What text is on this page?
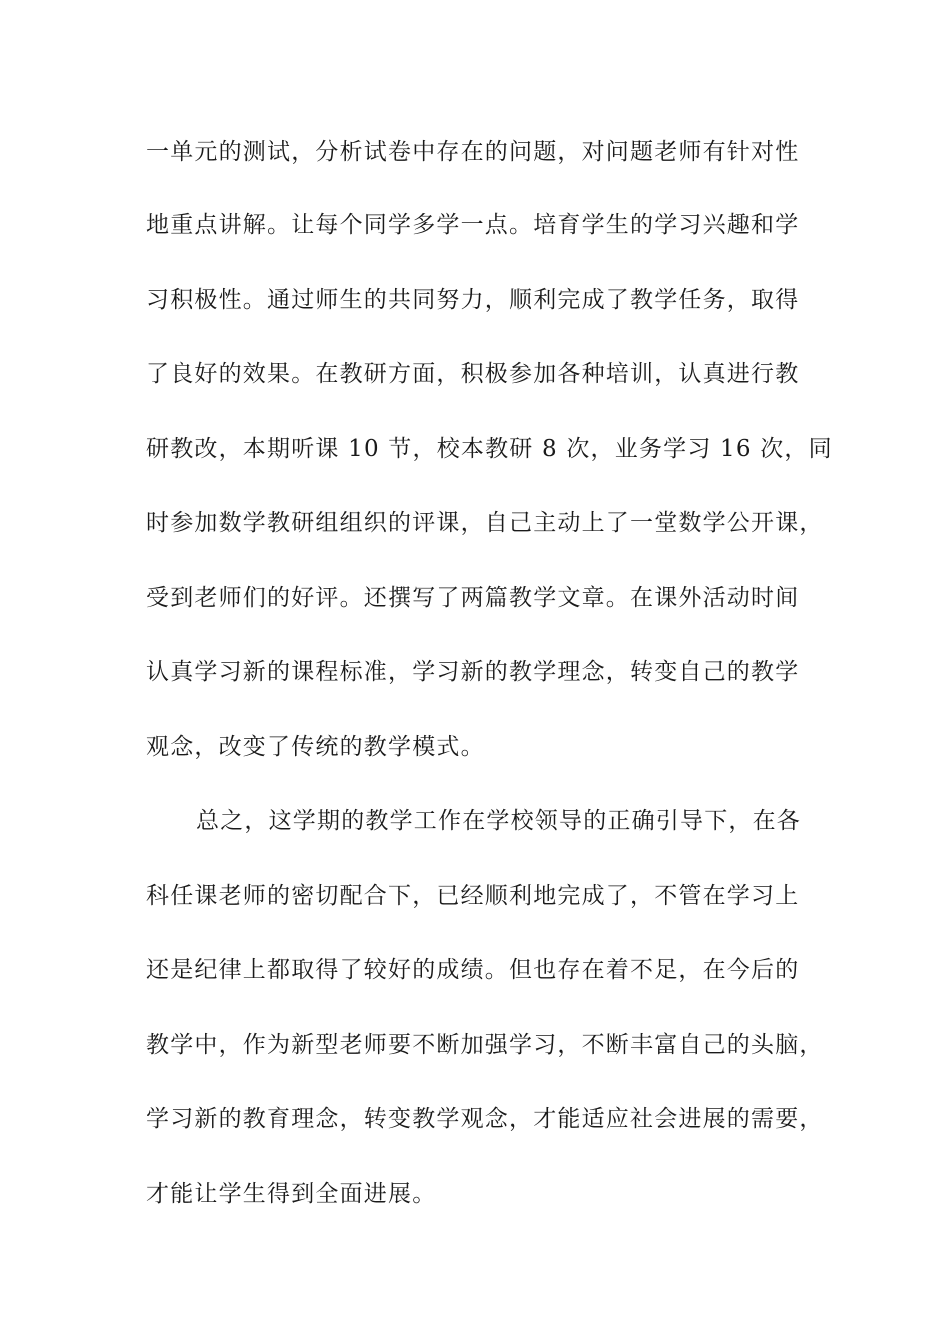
一单元的测试，分析试卷中存在的问题，对问题老师有针对性
地重点讲解。让每个同学多学一点。培育学生的学习兴趣和学
习积极性。通过师生的共同努力，顺利完成了教学任务，取得
了良好的效果。在教研方面，积极参加各种培训，认真进行教
研教改，本期听课 10 节，校本教研 8 次，业务学习 16 次，同
时参加数学教研组组织的评课，自己主动上了一堂数学公开课，
受到老师们的好评。还撰写了两篇教学文章。在课外活动时间
认真学习新的课程标准，学习新的教学理念，转变自己的教学
观念，改变了传统的教学模式。
总之，这学期的教学工作在学校领导的正确引导下，在各
科任课老师的密切配合下，已经顺利地完成了，不管在学习上
还是纪律上都取得了较好的成绩。但也存在着不足，在今后的
教学中，作为新型老师要不断加强学习，不断丰富自己的头脑，
学习新的教育理念，转变教学观念，才能适应社会进展的需要，
才能让学生得到全面进展。
